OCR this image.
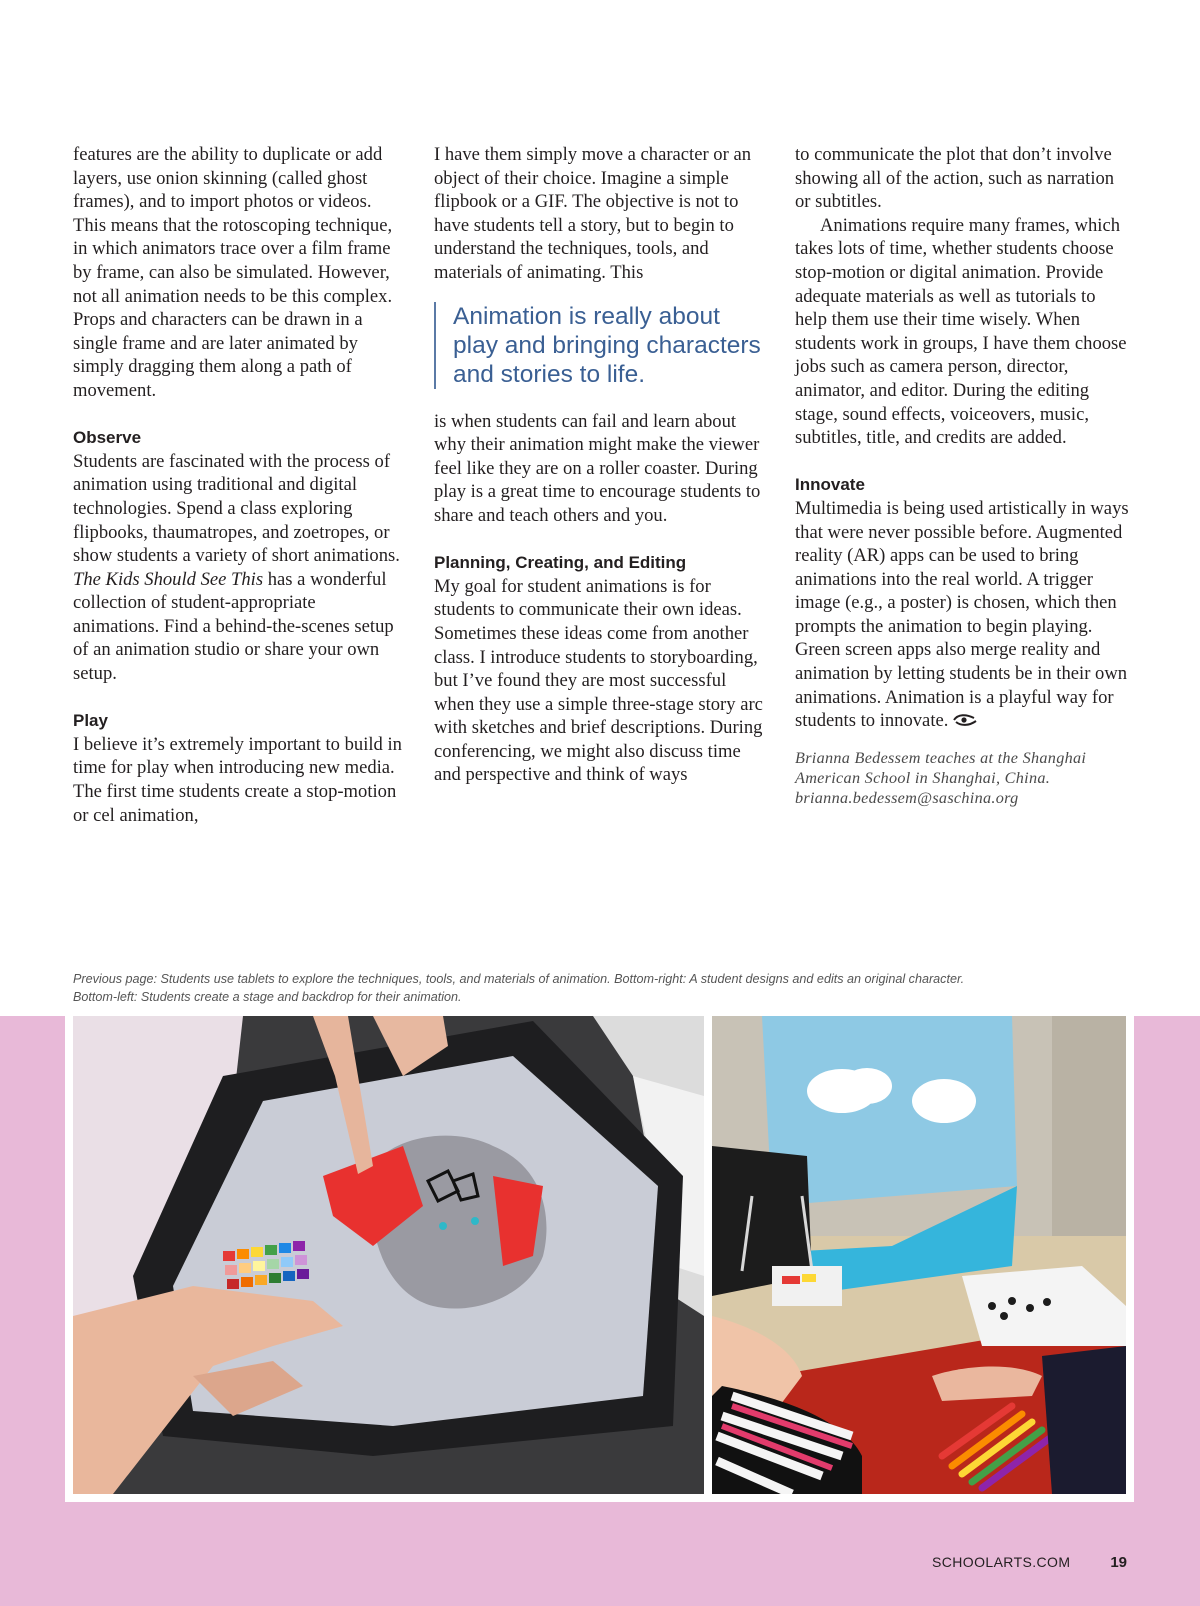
features are the ability to duplicate or add layers, use onion skinning (called ghost frames), and to import photos or videos. This means that the rotoscoping technique, in which animators trace over a film frame by frame, can also be simulated. However, not all animation needs to be this complex. Props and characters can be drawn in a single frame and are later animated by simply dragging them along a path of movement.

Observe

Students are fascinated with the process of animation using traditional and digital technologies. Spend a class exploring flipbooks, thaumatropes, and zoetropes, or show students a variety of short animations. The Kids Should See This has a wonderful collection of student-appropriate animations. Find a behind-the-scenes setup of an animation studio or share your own setup.

Play

I believe it’s extremely important to build in time for play when introducing new media. The first time students create a stop-motion or cel animation,

I have them simply move a character or an object of their choice. Imagine a simple flipbook or a GIF. The objective is not to have students tell a story, but to begin to understand the techniques, tools, and materials of animating. This

Animation is really about play and bringing characters and stories to life.

is when students can fail and learn about why their animation might make the viewer feel like they are on a roller coaster. During play is a great time to encourage students to share and teach others and you.

Planning, Creating, and Editing

My goal for student animations is for students to communicate their own ideas. Sometimes these ideas come from another class. I introduce students to storyboarding, but I’ve found they are most successful when they use a simple three-stage story arc with sketches and brief descriptions. During conferencing, we might also discuss time and perspective and think of ways

to communicate the plot that don’t involve showing all of the action, such as narration or subtitles.

Animations require many frames, which takes lots of time, whether students choose stop-motion or digital animation. Provide adequate materials as well as tutorials to help them use their time wisely. When students work in groups, I have them choose jobs such as camera person, director, animator, and editor. During the editing stage, sound effects, voiceovers, music, subtitles, title, and credits are added.

Innovate

Multimedia is being used artistically in ways that were never possible before. Augmented reality (AR) apps can be used to bring animations into the real world. A trigger image (e.g., a poster) is chosen, which then prompts the animation to begin playing. Green screen apps also merge reality and animation by letting students be in their own animations. Animation is a playful way for students to innovate.

Brianna Bedessem teaches at the Shanghai American School in Shanghai, China.
brianna.bedessem@saschina.org
Previous page: Students use tablets to explore the techniques, tools, and materials of animation. Bottom-right: A student designs and edits an original character.
Bottom-left: Students create a stage and backdrop for their animation.
SCHOOLARTS.COM	19
